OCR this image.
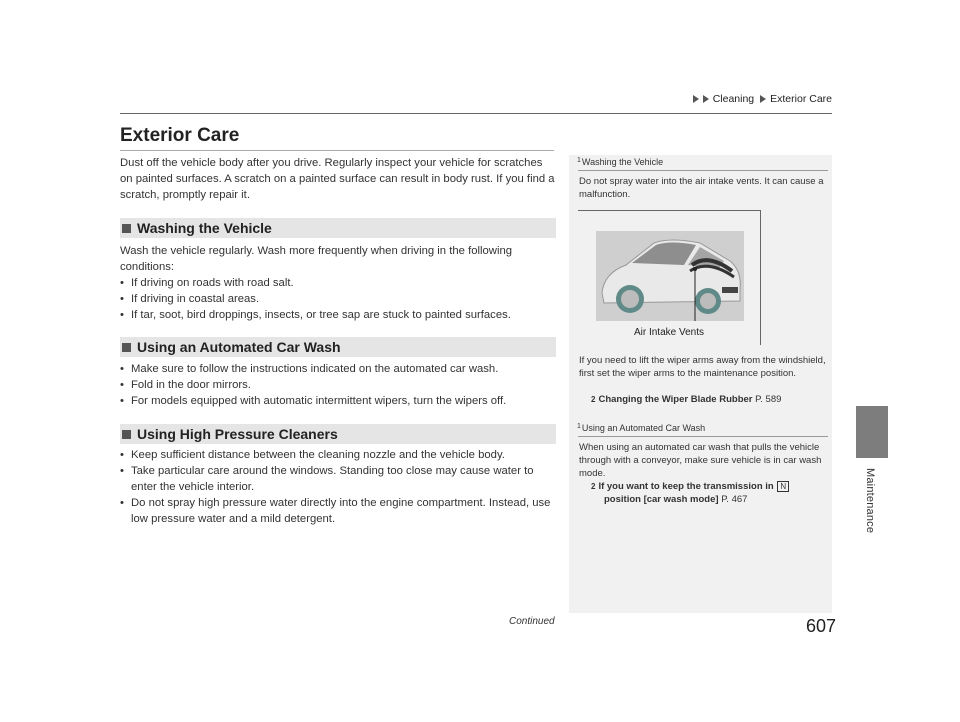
Cleaning Exterior Care
Maintenance
Exterior Care
Dust off the vehicle body after you drive. Regularly inspect your vehicle for scratches on painted surfaces. A scratch on a painted surface can result in body rust. If you find a scratch, promptly repair it.
Washing the Vehicle
Wash the vehicle regularly. Wash more frequently when driving in the following conditions:
• If driving on roads with road salt.
• If driving in coastal areas.
• If tar, soot, bird droppings, insects, or tree sap are stuck to painted surfaces.
Using an Automated Car Wash
• Make sure to follow the instructions indicated on the automated car wash.
• Fold in the door mirrors.
• For models equipped with automatic intermittent wipers, turn the wipers off.
Using High Pressure Cleaners
• Keep sufficient distance between the cleaning nozzle and the vehicle body.
• Take particular care around the windows. Standing too close may cause water to enter the vehicle interior.
• Do not spray high pressure water directly into the engine compartment. Instead, use low pressure water and a mild detergent.
1 Washing the Vehicle
Do not spray water into the air intake vents. It can cause a malfunction.
Air Intake Vents
If you need to lift the wiper arms away from the windshield, first set the wiper arms to the maintenance position.
2 Changing the Wiper Blade Rubber P. 589
1 Using an Automated Car Wash
When using an automated car wash that pulls the vehicle through with a conveyor, make sure vehicle is in car wash mode.
2 If you want to keep the transmission in N
position [car wash mode] P. 467
Continued	607
